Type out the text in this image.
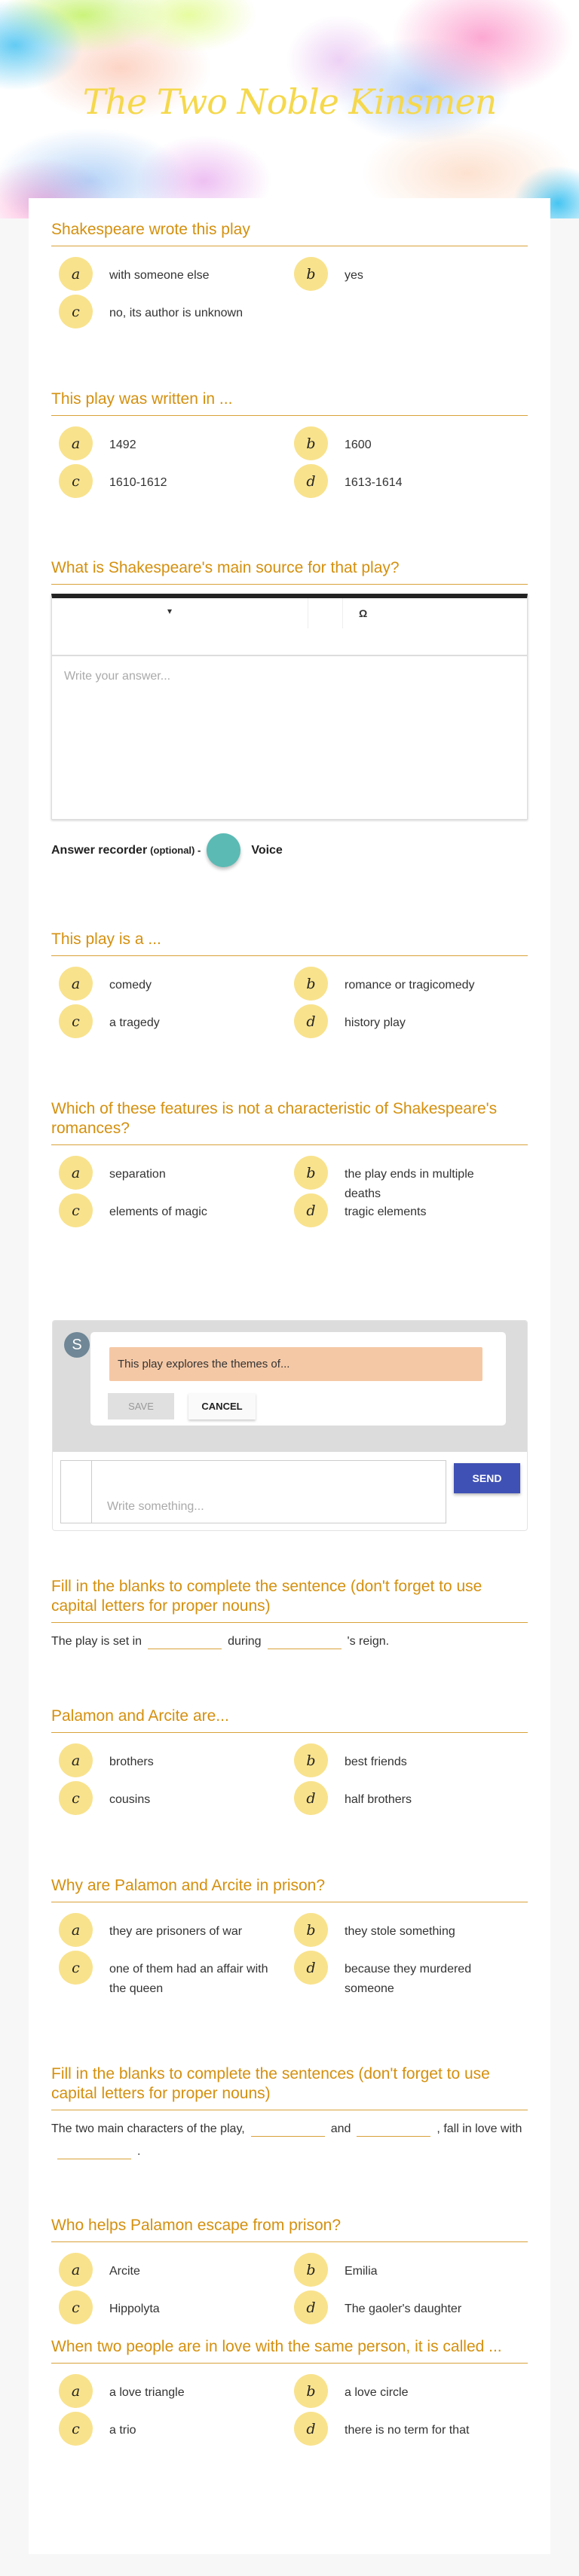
The Two Noble Kinsmen
Shakespeare wrote this play
a	with someone else	b	yes
c	no, its author is unknown
This play was written in ...
a	1492	b	1600
c	1610-1612	d	1613-1614
What is Shakespeare's main source for that play?
▾	Ω
Write your answer...
Answer recorder (optional) -	Voice
This play is a ...
a	comedy	b	romance or tragicomedy
c	a tragedy	d	history play
Which of these features is not a characteristic of Shakespeare's romances?
a	separation	b	the play ends in multiple deaths
c	elements of magic	d	tragic elements
S
This play explores the themes of...
SAVE	CANCEL
Write something...
SEND
Fill in the blanks to complete the sentence (don't forget to use capital letters for proper nouns)
The play is set in	during	's reign.
Palamon and Arcite are...
a	brothers	b	best friends
c	cousins	d	half brothers
Why are Palamon and Arcite in prison?
a	they are prisoners of war	b	they stole something
c	one of them had an affair with the queen
d	because they murdered someone
Fill in the blanks to complete the sentences (don't forget to use capital letters for proper nouns)
The two main characters of the play,	and	, fall in love with.
Who helps Palamon escape from prison?
a	Arcite	b	Emilia
c	Hippolyta	d	The gaoler's daughter
When two people are in love with the same person, it is called ...
a	a love triangle	b	a love circle
c	a trio	d	there is no term for that
